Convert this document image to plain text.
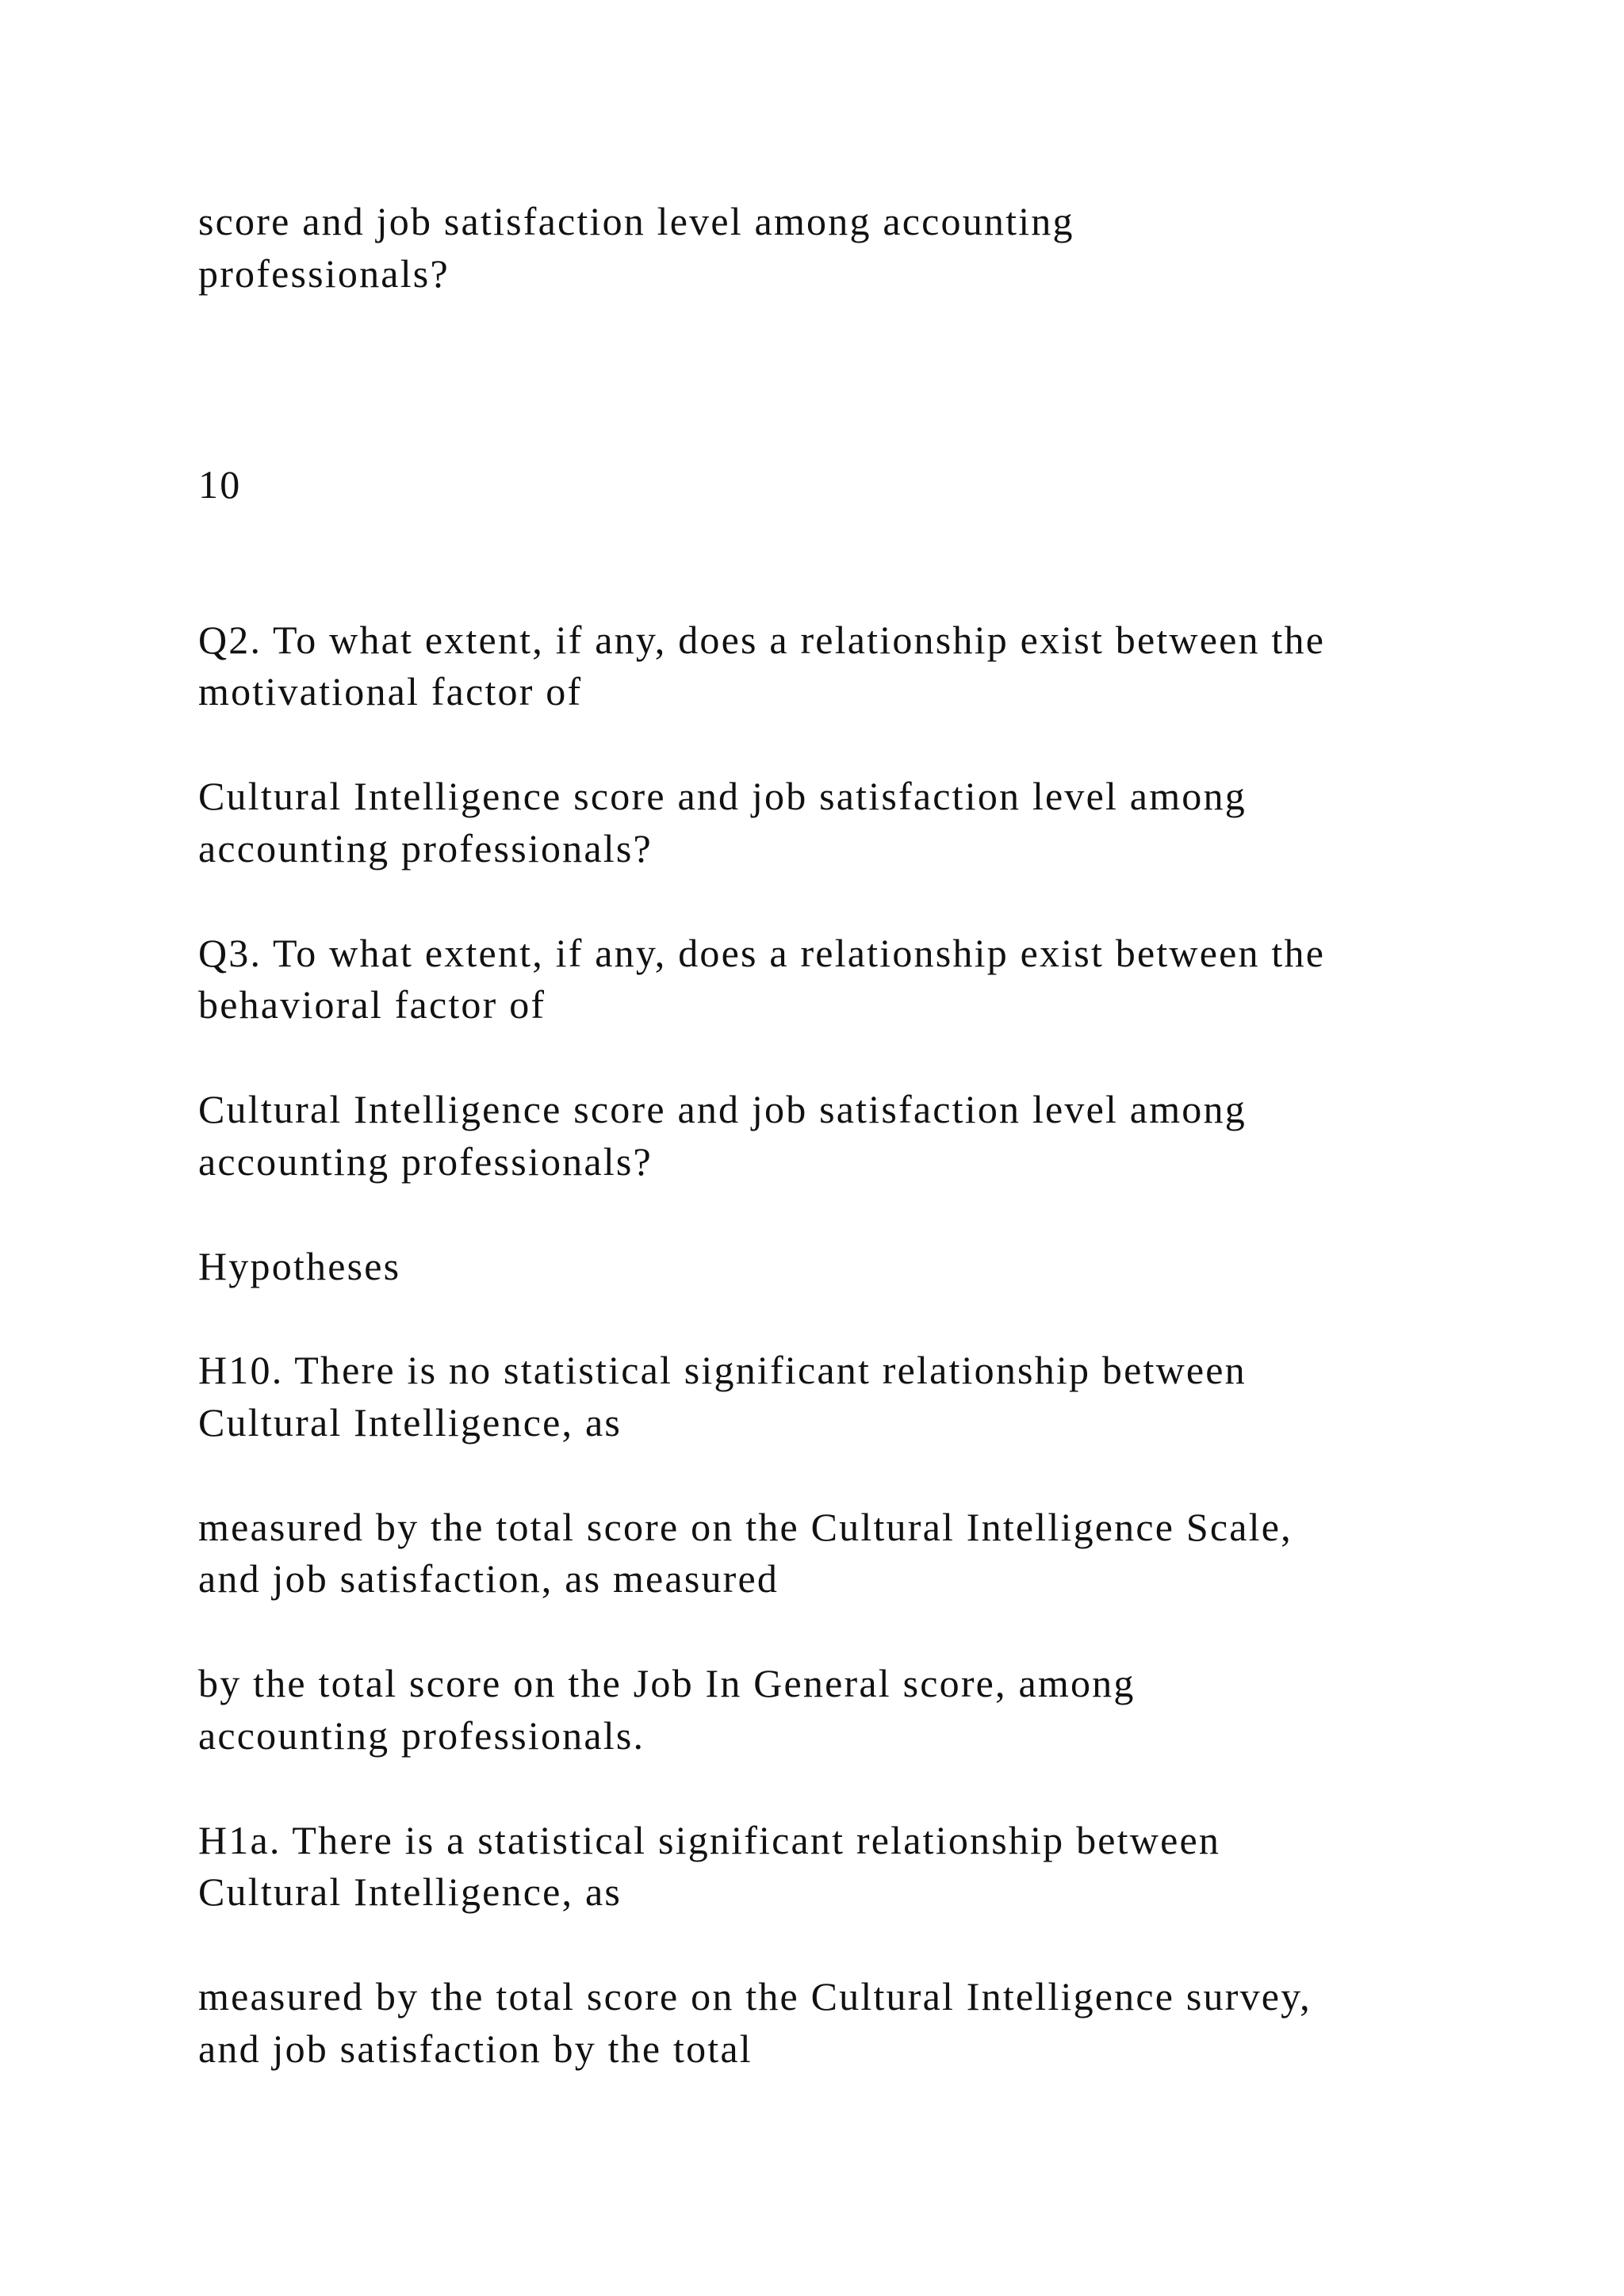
score and job satisfaction level among accounting

professionals?

10

Q2. To what extent, if any, does a relationship exist between the

motivational factor of

Cultural Intelligence score and job satisfaction level among

accounting professionals?

Q3. To what extent, if any, does a relationship exist between the

behavioral factor of

Cultural Intelligence score and job satisfaction level among

accounting professionals?

Hypotheses

H10. There is no statistical significant relationship between

Cultural Intelligence, as

measured by the total score on the Cultural Intelligence Scale,

and job satisfaction, as measured

by the total score on the Job In General score, among

accounting professionals.

H1a. There is a statistical significant relationship between

Cultural Intelligence, as

measured by the total score on the Cultural Intelligence survey,

and job satisfaction by the total
